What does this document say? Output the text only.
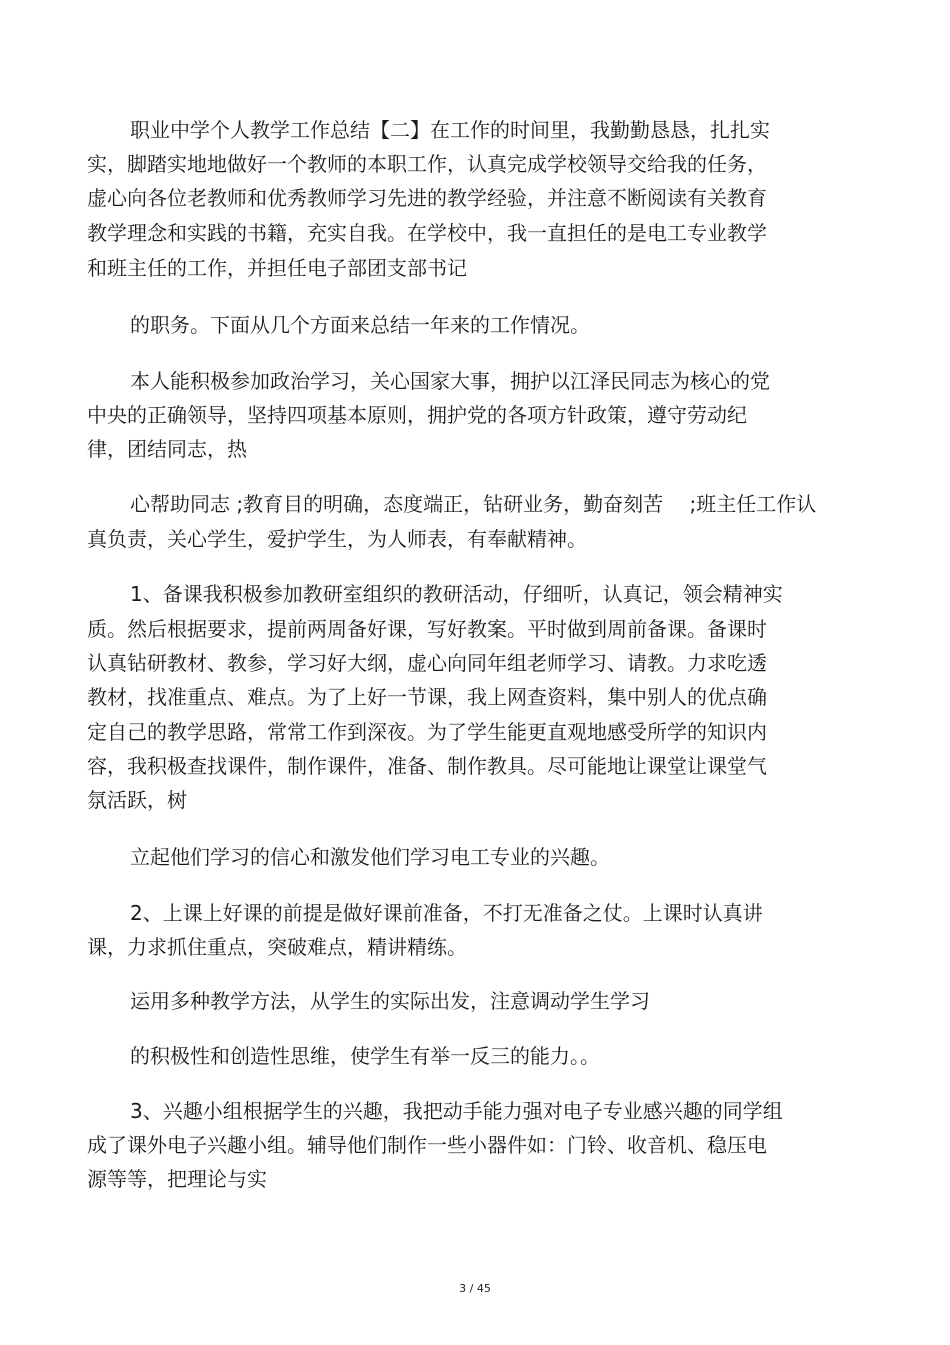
职业中学个人教学工作总结【二】在工作的时间里，我勤勤恳恳，扎扎实
实，脚踏实地地做好一个教师的本职工作，认真完成学校领导交给我的任务，
虚心向各位老教师和优秀教师学习先进的教学经验，并注意不断阅读有关教育
教学理念和实践的书籍，充实自我。在学校中，我一直担任的是电工专业教学
和班主任的工作，并担任电子部团支部书记
的职务。下面从几个方面来总结一年来的工作情况。
本人能积极参加政治学习，关心国家大事，拥护以江泽民同志为核心的党
中央的正确领导，坚持四项基本原则，拥护党的各项方针政策，遵守劳动纪
律，团结同志，热
心帮助同志 ;教育目的明确，态度端正，钻研业务，勤奋刻苦　 ;班主任工作认
真负责，关心学生，爱护学生，为人师表，有奉献精神。
1、备课我积极参加教研室组织的教研活动，仔细听，认真记，领会精神实
质。然后根据要求，提前两周备好课，写好教案。平时做到周前备课。备课时
认真钻研教材、教参，学习好大纲，虚心向同年组老师学习、请教。力求吃透
教材，找准重点、难点。为了上好一节课，我上网查资料，集中别人的优点确
定自己的教学思路，常常工作到深夜。为了学生能更直观地感受所学的知识内
容，我积极查找课件，制作课件，准备、制作教具。尽可能地让课堂让课堂气
氛活跃，树
立起他们学习的信心和激发他们学习电工专业的兴趣。
2、上课上好课的前提是做好课前准备，不打无准备之仗。上课时认真讲
课，力求抓住重点，突破难点，精讲精练。
运用多种教学方法，从学生的实际出发，注意调动学生学习
的积极性和创造性思维，使学生有举一反三的能力。。
3、兴趣小组根据学生的兴趣，我把动手能力强对电子专业感兴趣的同学组
成了课外电子兴趣小组。辅导他们制作一些小器件如：门铃、收音机、稳压电
源等等，把理论与实
3 / 45
